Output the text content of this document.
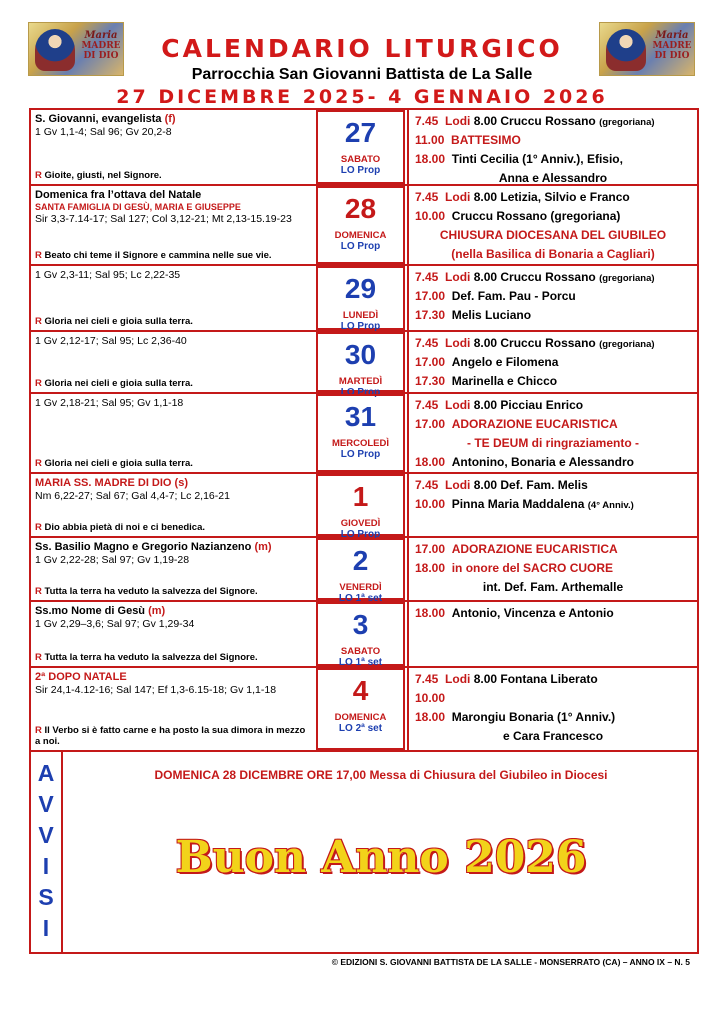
Maria
MADRE DI DIO	CALENDARIO LITURGICO	Maria
MADRE DI DIO
Parrocchia San Giovanni Battista de La Salle
27 DICEMBRE 2025- 4 GENNAIO 2026
S. Giovanni, evangelista (f)
1 Gv 1,1-4; Sal 96; Gv 20,2-8
R Gioite, giusti, nel Signore.
27
SABATO
LO Prop
7.45 Lodi 8.00 Cruccu Rossano (gregoriana)
11.00 BATTESIMO
18.00 Tinti Cecilia (1° Anniv.), Efisio,
Anna e Alessandro
Domenica fra l’ottava del Natale
SANTA FAMIGLIA DI GESÙ, MARIA E GIUSEPPE
Sir 3,3-7.14-17; Sal 127; Col 3,12-21; Mt 2,13-15.19-23
R Beato chi teme il Signore e cammina nelle sue vie.
28
DOMENICA
LO Prop
7.45 Lodi 8.00 Letizia, Silvio e Franco
10.00 Cruccu Rossano (gregoriana)
CHIUSURA DIOCESANA DEL GIUBILEO
(nella Basilica di Bonaria a Cagliari)
1 Gv 2,3-11; Sal 95; Lc 2,22-35
R Gloria nei cieli e gioia sulla terra.
29
LUNEDÌ
LO Prop
7.45 Lodi 8.00 Cruccu Rossano (gregoriana)
17.00 Def. Fam. Pau - Porcu
17.30 Melis Luciano
1 Gv 2,12-17; Sal 95; Lc 2,36-40
R Gloria nei cieli e gioia sulla terra.
30
MARTEDÌ
LO Prop
7.45 Lodi 8.00 Cruccu Rossano (gregoriana)
17.00 Angelo e Filomena
17.30 Marinella e Chicco
1 Gv 2,18-21; Sal 95; Gv 1,1-18
R Gloria nei cieli e gioia sulla terra.
31
MERCOLEDÌ
LO Prop
7.45 Lodi 8.00 Picciau Enrico
17.00 ADORAZIONE EUCARISTICA
- TE DEUM di ringraziamento -
18.00 Antonino, Bonaria e Alessandro
MARIA SS. MADRE DI DIO (s)
Nm 6,22-27; Sal 67; Gal 4,4-7; Lc 2,16-21
R Dio abbia pietà di noi e ci benedica.
1
GIOVEDÌ
LO Prop
7.45 Lodi 8.00 Def. Fam. Melis
10.00 Pinna Maria Maddalena (4° Anniv.)
Ss. Basilio Magno e Gregorio Nazianzeno (m)
1 Gv 2,22-28; Sal 97; Gv 1,19-28
R Tutta la terra ha veduto la salvezza del Signore.
2
VENERDÌ
LO 1ª set
17.00 ADORAZIONE EUCARISTICA
18.00 in onore del SACRO CUORE
int. Def. Fam. Arthemalle
Ss.mo Nome di Gesù (m)
1 Gv 2,29–3,6; Sal 97; Gv 1,29-34
R Tutta la terra ha veduto la salvezza del Signore.
3
SABATO
LO 1ª set
18.00 Antonio, Vincenza e Antonio
2ª DOPO NATALE
Sir 24,1-4.12-16; Sal 147; Ef 1,3-6.15-18; Gv 1,1-18
R Il Verbo si è fatto carne e ha posto la sua dimora in mezzo a noi.
4
DOMENICA
LO 2ª set
7.45 Lodi 8.00 Fontana Liberato
10.00
18.00 Marongiu Bonaria (1° Anniv.)
e Cara Francesco
A
V
V
I
S
I
DOMENICA 28 DICEMBRE ORE 17,00 Messa di Chiusura del Giubileo in Diocesi
Buon Anno 2026
© EDIZIONI S. GIOVANNI BATTISTA DE LA SALLE - MONSERRATO (CA) – ANNO IX – N. 5
